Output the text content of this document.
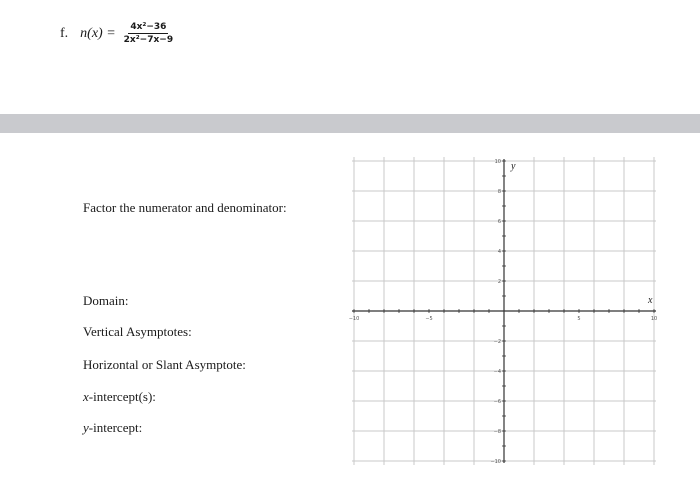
f. $n(x) = \frac{\text{4x²−36}}{\text{2x²−7x−9}}$
Factor the numerator and denominator:
Domain:
Vertical Asymptotes:
Horizontal or Slant Asymptote:
x-intercept(s):
y-intercept:
−10	−5	5	10
10
8
6
4
2
−2
−4
−6
−8
−10
x
y
